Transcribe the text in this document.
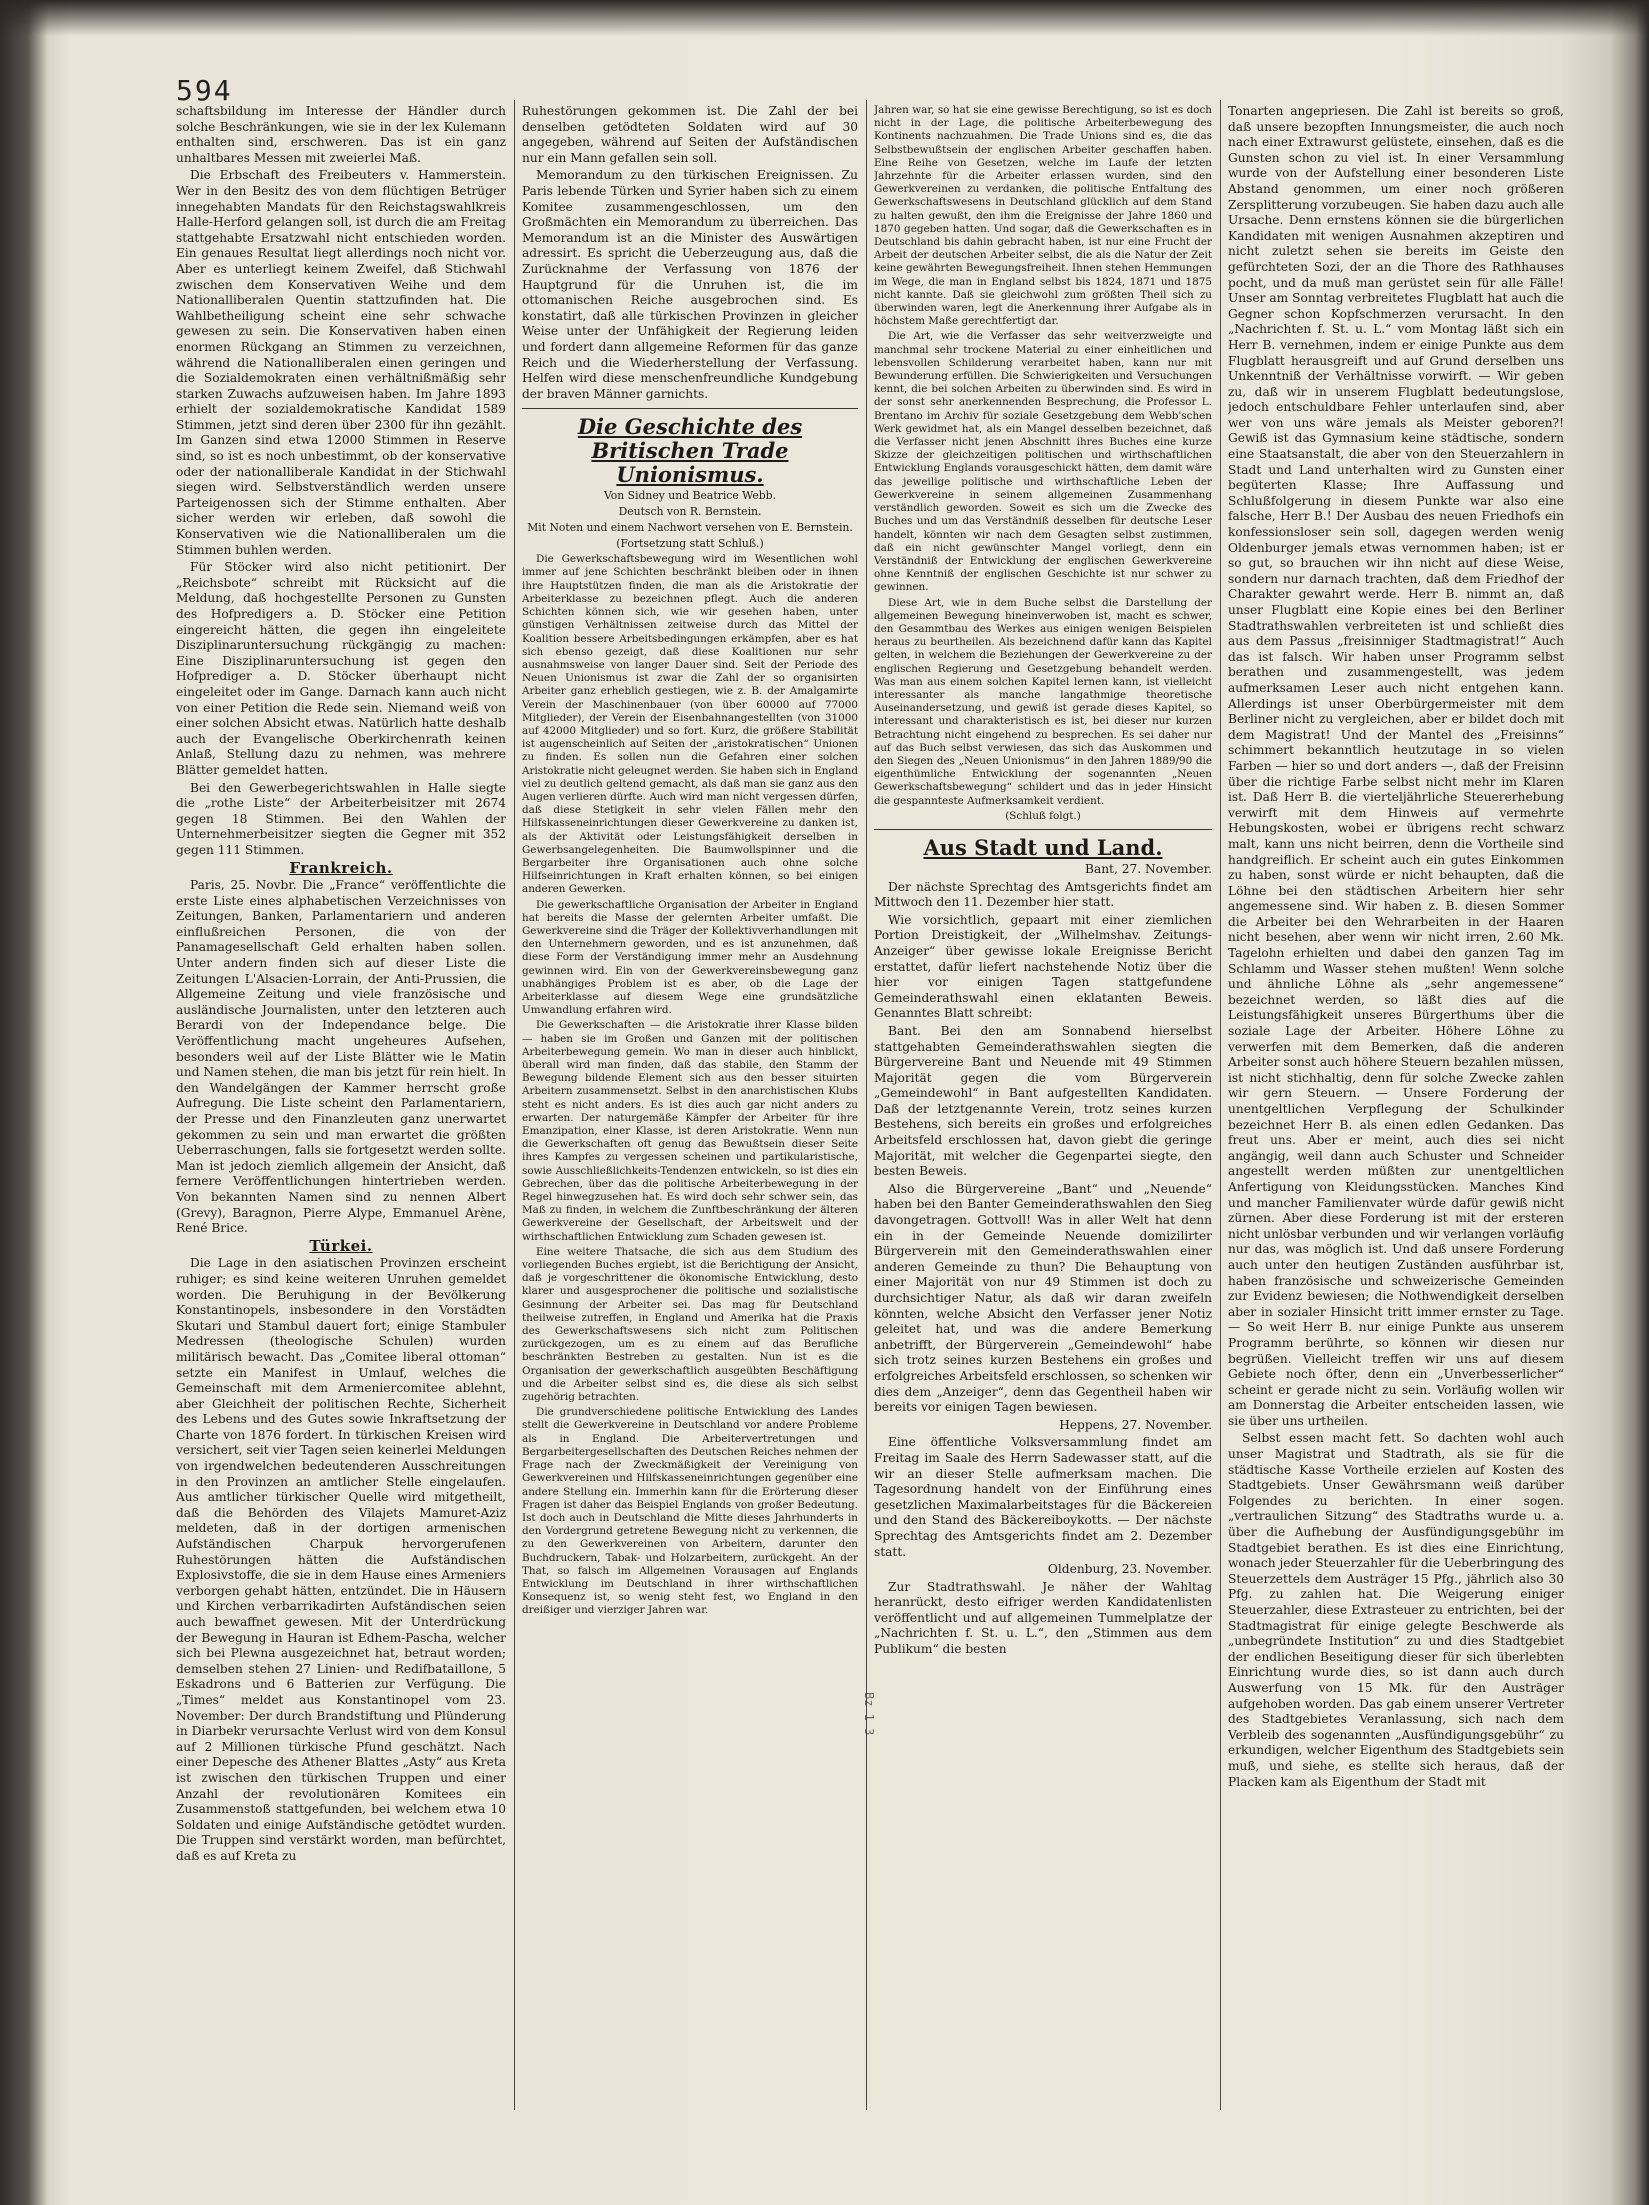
594

schaftsbildung im Interesse der Händler durch solche Beschränkungen, wie sie in der lex Kulemann enthalten sind, erschweren. Das ist ein ganz unhaltbares Messen mit zweierlei Maß.

Die Erbschaft des Freibeuters v. Hammerstein. Wer in den Besitz des von dem flüchtigen Betrüger innegehabten Mandats für den Reichstagswahlkreis Halle-Herford gelangen soll, ist durch die am Freitag stattgehabte Ersatzwahl nicht entschieden worden. Ein genaues Resultat liegt allerdings noch nicht vor. Aber es unterliegt keinem Zweifel, daß Stichwahl zwischen dem Konservativen Weihe und dem Nationalliberalen Quentin stattzufinden hat. Die Wahlbetheiligung scheint eine sehr schwache gewesen zu sein. Die Konservativen haben einen enormen Rückgang an Stimmen zu verzeichnen, während die Nationalliberalen einen geringen und die Sozialdemokraten einen verhältnißmäßig sehr starken Zuwachs aufzuweisen haben. Im Jahre 1893 erhielt der sozialdemokratische Kandidat 1589 Stimmen, jetzt sind deren über 2300 für ihn gezählt. Im Ganzen sind etwa 12000 Stimmen in Reserve sind, so ist es noch unbestimmt, ob der konservative oder der nationalliberale Kandidat in der Stichwahl siegen wird. Selbstverständlich werden unsere Parteigenossen sich der Stimme enthalten. Aber sicher werden wir erleben, daß sowohl die Konservativen wie die Nationalliberalen um die Stimmen buhlen werden.

Für Stöcker wird also nicht petitionirt. Der „Reichsbote“ schreibt mit Rücksicht auf die Meldung, daß hochgestellte Personen zu Gunsten des Hofpredigers a. D. Stöcker eine Petition eingereicht hätten, die gegen ihn eingeleitete Disziplinaruntersuchung rückgängig zu machen: Eine Disziplinaruntersuchung ist gegen den Hofprediger a. D. Stöcker überhaupt nicht eingeleitet oder im Gange. Darnach kann auch nicht von einer Petition die Rede sein. Niemand weiß von einer solchen Absicht etwas. Natürlich hatte deshalb auch der Evangelische Oberkirchenrath keinen Anlaß, Stellung dazu zu nehmen, was mehrere Blätter gemeldet hatten.

Bei den Gewerbegerichtswahlen in Halle siegte die „rothe Liste“ der Arbeiterbeisitzer mit 2674 gegen 18 Stimmen. Bei den Wahlen der Unternehmerbeisitzer siegten die Gegner mit 352 gegen 111 Stimmen.

Frankreich.

Paris, 25. Novbr. Die „France“ veröffentlichte die erste Liste eines alphabetischen Verzeichnisses von Zeitungen, Banken, Parlamentariern und anderen einflußreichen Personen, die von der Panamagesellschaft Geld erhalten haben sollen. Unter andern finden sich auf dieser Liste die Zeitungen L'Alsacien-Lorrain, der Anti-Prussien, die Allgemeine Zeitung und viele französische und ausländische Journalisten, unter den letzteren auch Berardi von der Independance belge. Die Veröffentlichung macht ungeheures Aufsehen, besonders weil auf der Liste Blätter wie le Matin und Namen stehen, die man bis jetzt für rein hielt. In den Wandelgängen der Kammer herrscht große Aufregung. Die Liste scheint den Parlamentariern, der Presse und den Finanzleuten ganz unerwartet gekommen zu sein und man erwartet die größten Ueberraschungen, falls sie fortgesetzt werden sollte. Man ist jedoch ziemlich allgemein der Ansicht, daß fernere Veröffentlichungen hintertrieben werden. Von bekannten Namen sind zu nennen Albert (Grevy), Baragnon, Pierre Alype, Emmanuel Arène, René Brice.

Türkei.

Die Lage in den asiatischen Provinzen erscheint ruhiger; es sind keine weiteren Unruhen gemeldet worden. Die Beruhigung in der Bevölkerung Konstantinopels, insbesondere in den Vorstädten Skutari und Stambul dauert fort; einige Stambuler Medressen (theologische Schulen) wurden militärisch bewacht. Das „Comitee liberal ottoman“ setzte ein Manifest in Umlauf, welches die Gemeinschaft mit dem Armeniercomitee ablehnt, aber Gleichheit der politischen Rechte, Sicherheit des Lebens und des Gutes sowie Inkraftsetzung der Charte von 1876 fordert. In türkischen Kreisen wird versichert, seit vier Tagen seien keinerlei Meldungen von irgendwelchen bedeutenderen Ausschreitungen in den Provinzen an amtlicher Stelle eingelaufen. Aus amtlicher türkischer Quelle wird mitgetheilt, daß die Behörden des Vilajets Mamuret-Aziz meldeten, daß in der dortigen armenischen Aufständischen Charpuk hervorgerufenen Ruhestörungen hätten die Aufständischen Explosivstoffe, die sie in dem Hause eines Armeniers verborgen gehabt hätten, entzündet. Die in Häusern und Kirchen verbarrikadirten Aufständischen seien auch bewaffnet gewesen. Mit der Unterdrückung der Bewegung in Hauran ist Edhem-Pascha, welcher sich bei Plewna ausgezeichnet hat, betraut worden; demselben stehen 27 Linien- und Redifbataillone, 5 Eskadrons und 6 Batterien zur Verfügung. Die „Times“ meldet aus Konstantinopel vom 23. November: Der durch Brandstiftung und Plünderung in Diarbekr verursachte Verlust wird von dem Konsul auf 2 Millionen türkische Pfund geschätzt. Nach einer Depesche des Athener Blattes „Asty“ aus Kreta ist zwischen den türkischen Truppen und einer Anzahl der revolutionären Komitees ein Zusammenstoß stattgefunden, bei welchem etwa 10 Soldaten und einige Aufständische getödtet wurden. Die Truppen sind verstärkt worden, man befürchtet, daß es auf Kreta zu

Ruhestörungen gekommen ist. Die Zahl der bei denselben getödteten Soldaten wird auf 30 angegeben, während auf Seiten der Aufständischen nur ein Mann gefallen sein soll.

Memorandum zu den türkischen Ereignissen. Zu Paris lebende Türken und Syrier haben sich zu einem Komitee zusammengeschlossen, um den Großmächten ein Memorandum zu überreichen. Das Memorandum ist an die Minister des Auswärtigen adressirt. Es spricht die Ueberzeugung aus, daß die Zurücknahme der Verfassung von 1876 der Hauptgrund für die Unruhen ist, die im ottomanischen Reiche ausgebrochen sind. Es konstatirt, daß alle türkischen Provinzen in gleicher Weise unter der Unfähigkeit der Regierung leiden und fordert dann allgemeine Reformen für das ganze Reich und die Wiederherstellung der Verfassung. Helfen wird diese menschenfreundliche Kundgebung der braven Männer garnichts.

Die Geschichte des Britischen Trade Unionismus.

Von Sidney und Beatrice Webb.

Deutsch von R. Bernstein.

Mit Noten und einem Nachwort versehen von E. Bernstein.

(Fortsetzung statt Schluß.)

Die Gewerkschaftsbewegung wird im Wesentlichen wohl immer auf jene Schichten beschränkt bleiben oder in ihnen ihre Hauptstützen finden, die man als die Aristokratie der Arbeiterklasse zu bezeichnen pflegt. Auch die anderen Schichten können sich, wie wir gesehen haben, unter günstigen Verhältnissen zeitweise durch das Mittel der Koalition bessere Arbeitsbedingungen erkämpfen, aber es hat sich ebenso gezeigt, daß diese Koalitionen nur sehr ausnahmsweise von langer Dauer sind. Seit der Periode des Neuen Unionismus ist zwar die Zahl der so organisirten Arbeiter ganz erheblich gestiegen, wie z. B. der Amalgamirte Verein der Maschinenbauer (von über 60000 auf 77000 Mitglieder), der Verein der Eisenbahnangestellten (von 31000 auf 42000 Mitglieder) und so fort. Kurz, die größere Stabilität ist augenscheinlich auf Seiten der „aristokratischen“ Unionen zu finden. Es sollen nun die Gefahren einer solchen Aristokratie nicht geleugnet werden. Sie haben sich in England viel zu deutlich geltend gemacht, als daß man sie ganz aus den Augen verlieren dürfte. Auch wird man nicht vergessen dürfen, daß diese Stetigkeit in sehr vielen Fällen mehr den Hilfskasseneinrichtungen dieser Gewerkvereine zu danken ist, als der Aktivität oder Leistungsfähigkeit derselben in Gewerbsangelegenheiten. Die Baumwollspinner und die Bergarbeiter ihre Organisationen auch ohne solche Hilfseinrichtungen in Kraft erhalten können, so bei einigen anderen Gewerken.

Die gewerkschaftliche Organisation der Arbeiter in England hat bereits die Masse der gelernten Arbeiter umfaßt. Die Gewerkvereine sind die Träger der Kollektivverhandlungen mit den Unternehmern geworden, und es ist anzunehmen, daß diese Form der Verständigung immer mehr an Ausdehnung gewinnen wird. Ein von der Gewerkvereinsbewegung ganz unabhängiges Problem ist es aber, ob die Lage der Arbeiterklasse auf diesem Wege eine grundsätzliche Umwandlung erfahren wird.

Die Gewerkschaften — die Aristokratie ihrer Klasse bilden — haben sie im Großen und Ganzen mit der politischen Arbeiterbewegung gemein. Wo man in dieser auch hinblickt, überall wird man finden, daß das stabile, den Stamm der Bewegung bildende Element sich aus den besser situirten Arbeitern zusammensetzt. Selbst in den anarchistischen Klubs steht es nicht anders. Es ist dies auch gar nicht anders zu erwarten. Der naturgemäße Kämpfer der Arbeiter für ihre Emanzipation, einer Klasse, ist deren Aristokratie. Wenn nun die Gewerkschaften oft genug das Bewußtsein dieser Seite ihres Kampfes zu vergessen scheinen und partikularistische, sowie Ausschließlichkeits-Tendenzen entwickeln, so ist dies ein Gebrechen, über das die politische Arbeiterbewegung in der Regel hinwegzusehen hat. Es wird doch sehr schwer sein, das Maß zu finden, in welchem die Zunftbeschränkung der älteren Gewerkvereine der Gesellschaft, der Arbeitswelt und der wirthschaftlichen Entwicklung zum Schaden gewesen ist.

Eine weitere Thatsache, die sich aus dem Studium des vorliegenden Buches ergiebt, ist die Berichtigung der Ansicht, daß je vorgeschrittener die ökonomische Entwicklung, desto klarer und ausgesprochener die politische und sozialistische Gesinnung der Arbeiter sei. Das mag für Deutschland theilweise zutreffen, in England und Amerika hat die Praxis des Gewerkschaftswesens sich nicht zum Politischen zurückgezogen, um es zu einem auf das Berufliche beschränkten Bestreben zu gestalten. Nun ist es die Organisation der gewerkschaftlich ausgeübten Beschäftigung und die Arbeiter selbst sind es, die diese als sich selbst zugehörig betrachten.

Die grundverschiedene politische Entwicklung des Landes stellt die Gewerkvereine in Deutschland vor andere Probleme als in England. Die Arbeitervertretungen und Bergarbeitergesellschaften des Deutschen Reiches nehmen der Frage nach der Zweckmäßigkeit der Vereinigung von Gewerkvereinen und Hilfskasseneinrichtungen gegenüber eine andere Stellung ein. Immerhin kann für die Erörterung dieser Fragen ist daher das Beispiel Englands von großer Bedeutung. Ist doch auch in Deutschland die Mitte dieses Jahrhunderts in den Vordergrund getretene Bewegung nicht zu verkennen, die zu den Gewerkvereinen von Arbeitern, darunter den Buchdruckern, Tabak- und Holzarbeitern, zurückgeht. An der That, so falsch im Allgemeinen Vorausagen auf Englands Entwicklung im Deutschland in ihrer wirthschaftlichen Konsequenz ist, so wenig steht fest, wo England in den dreißiger und vierziger Jahren war.

Jahren war, so hat sie eine gewisse Berechtigung, so ist es doch nicht in der Lage, die politische Arbeiterbewegung des Kontinents nachzuahmen. Die Trade Unions sind es, die das Selbstbewußtsein der englischen Arbeiter geschaffen haben. Eine Reihe von Gesetzen, welche im Laufe der letzten Jahrzehnte für die Arbeiter erlassen wurden, sind den Gewerkvereinen zu verdanken, die politische Entfaltung des Gewerkschaftswesens in Deutschland glücklich auf dem Stand zu halten gewußt, den ihm die Ereignisse der Jahre 1860 und 1870 gegeben hatten. Und sogar, daß die Gewerkschaften es in Deutschland bis dahin gebracht haben, ist nur eine Frucht der Arbeit der deutschen Arbeiter selbst, die als die Natur der Zeit keine gewährten Bewegungsfreiheit. Ihnen stehen Hemmungen im Wege, die man in England selbst bis 1824, 1871 und 1875 nicht kannte. Daß sie gleichwohl zum größten Theil sich zu überwinden waren, legt die Anerkennung ihrer Aufgabe als in höchstem Maße gerechtfertigt dar.

Die Art, wie die Verfasser das sehr weitverzweigte und manchmal sehr trockene Material zu einer einheitlichen und lebensvollen Schilderung verarbeitet haben, kann nur mit Bewunderung erfüllen. Die Schwierigkeiten und Versuchungen kennt, die bei solchen Arbeiten zu überwinden sind. Es wird in der sonst sehr anerkennenden Besprechung, die Professor L. Brentano im Archiv für soziale Gesetzgebung dem Webb'schen Werk gewidmet hat, als ein Mangel desselben bezeichnet, daß die Verfasser nicht jenen Abschnitt ihres Buches eine kurze Skizze der gleichzeitigen politischen und wirthschaftlichen Entwicklung Englands vorausgeschickt hätten, dem damit wäre das jeweilige politische und wirthschaftliche Leben der Gewerkvereine in seinem allgemeinen Zusammenhang verständlich geworden. Soweit es sich um die Zwecke des Buches und um das Verständniß desselben für deutsche Leser handelt, könnten wir nach dem Gesagten selbst zustimmen, daß ein nicht gewünschter Mangel vorliegt, denn ein Verständniß der Entwicklung der englischen Gewerkvereine ohne Kenntniß der englischen Geschichte ist nur schwer zu gewinnen.

Diese Art, wie in dem Buche selbst die Darstellung der allgemeinen Bewegung hineinverwoben ist, macht es schwer, den Gesammtbau des Werkes aus einigen wenigen Beispielen heraus zu beurtheilen. Als bezeichnend dafür kann das Kapitel gelten, in welchem die Beziehungen der Gewerkvereine zu der englischen Regierung und Gesetzgebung behandelt werden. Was man aus einem solchen Kapitel lernen kann, ist vielleicht interessanter als manche langathmige theoretische Auseinandersetzung, und gewiß ist gerade dieses Kapitel, so interessant und charakteristisch es ist, bei dieser nur kurzen Betrachtung nicht eingehend zu besprechen. Es sei daher nur auf das Buch selbst verwiesen, das sich das Auskommen und den Siegen des „Neuen Unionismus“ in den Jahren 1889/90 die eigenthümliche Entwicklung der sogenannten „Neuen Gewerkschaftsbewegung“ schildert und das in jeder Hinsicht die gespannteste Aufmerksamkeit verdient.

(Schluß folgt.)

Aus Stadt und Land.

Bant, 27. November.

Der nächste Sprechtag des Amtsgerichts findet am Mittwoch den 11. Dezember hier statt.

Wie vorsichtlich, gepaart mit einer ziemlichen Portion Dreistigkeit, der „Wilhelmshav. Zeitungs-Anzeiger“ über gewisse lokale Ereignisse Bericht erstattet, dafür liefert nachstehende Notiz über die hier vor einigen Tagen stattgefundene Gemeinderathswahl einen eklatanten Beweis. Genanntes Blatt schreibt:

Bant. Bei den am Sonnabend hierselbst stattgehabten Gemeinderathswahlen siegten die Bürgervereine Bant und Neuende mit 49 Stimmen Majorität gegen die vom Bürgerverein „Gemeindewohl“ in Bant aufgestellten Kandidaten. Daß der letztgenannte Verein, trotz seines kurzen Bestehens, sich bereits ein großes und erfolgreiches Arbeitsfeld erschlossen hat, davon giebt die geringe Majorität, mit welcher die Gegenpartei siegte, den besten Beweis.

Also die Bürgervereine „Bant“ und „Neuende“ haben bei den Banter Gemeinderathswahlen den Sieg davongetragen. Gottvoll! Was in aller Welt hat denn ein in der Gemeinde Neuende domizilirter Bürgerverein mit den Gemeinderathswahlen einer anderen Gemeinde zu thun? Die Behauptung von einer Majorität von nur 49 Stimmen ist doch zu durchsichtiger Natur, als daß wir daran zweifeln könnten, welche Absicht den Verfasser jener Notiz geleitet hat, und was die andere Bemerkung anbetrifft, der Bürgerverein „Gemeindewohl“ habe sich trotz seines kurzen Bestehens ein großes und erfolgreiches Arbeitsfeld erschlossen, so schenken wir dies dem „Anzeiger“, denn das Gegentheil haben wir bereits vor einigen Tagen bewiesen.

Heppens, 27. November.

Eine öffentliche Volksversammlung findet am Freitag im Saale des Herrn Sadewasser statt, auf die wir an dieser Stelle aufmerksam machen. Die Tagesordnung handelt von der Einführung eines gesetzlichen Maximalarbeitstages für die Bäckereien und den Stand des Bäckereiboykotts. — Der nächste Sprechtag des Amtsgerichts findet am 2. Dezember statt.

Oldenburg, 23. November.

Zur Stadtrathswahl. Je näher der Wahltag heranrückt, desto eifriger werden Kandidatenlisten veröffentlicht und auf allgemeinen Tummelplatze der „Nachrichten f. St. u. L.“, den „Stimmen aus dem Publikum“ die besten

Tonarten angepriesen. Die Zahl ist bereits so groß, daß unsere bezopften Innungsmeister, die auch noch nach einer Extrawurst gelüstete, einsehen, daß es die Gunsten schon zu viel ist. In einer Versammlung wurde von der Aufstellung einer besonderen Liste Abstand genommen, um einer noch größeren Zersplitterung vorzubeugen. Sie haben dazu auch alle Ursache. Denn ernstens können sie die bürgerlichen Kandidaten mit wenigen Ausnahmen akzeptiren und nicht zuletzt sehen sie bereits im Geiste den gefürchteten Sozi, der an die Thore des Rathhauses pocht, und da muß man gerüstet sein für alle Fälle! Unser am Sonntag verbreitetes Flugblatt hat auch die Gegner schon Kopfschmerzen verursacht. In den „Nachrichten f. St. u. L.“ vom Montag läßt sich ein Herr B. vernehmen, indem er einige Punkte aus dem Flugblatt herausgreift und auf Grund derselben uns Unkenntniß der Verhältnisse vorwirft. — Wir geben zu, daß wir in unserem Flugblatt bedeutungslose, jedoch entschuldbare Fehler unterlaufen sind, aber wer von uns wäre jemals als Meister geboren?! Gewiß ist das Gymnasium keine städtische, sondern eine Staatsanstalt, die aber von den Steuerzahlern in Stadt und Land unterhalten wird zu Gunsten einer begüterten Klasse; Ihre Auffassung und Schlußfolgerung in diesem Punkte war also eine falsche, Herr B.! Der Ausbau des neuen Friedhofs ein konfessionsloser sein soll, dagegen werden wenig Oldenburger jemals etwas vernommen haben; ist er so gut, so brauchen wir ihn nicht auf diese Weise, sondern nur darnach trachten, daß dem Friedhof der Charakter gewahrt werde. Herr B. nimmt an, daß unser Flugblatt eine Kopie eines bei den Berliner Stadtrathswahlen verbreiteten ist und schließt dies aus dem Passus „freisinniger Stadtmagistrat!“ Auch das ist falsch. Wir haben unser Programm selbst berathen und zusammengestellt, was jedem aufmerksamen Leser auch nicht entgehen kann. Allerdings ist unser Oberbürgermeister mit dem Berliner nicht zu vergleichen, aber er bildet doch mit dem Magistrat! Und der Mantel des „Freisinns“ schimmert bekanntlich heutzutage in so vielen Farben — hier so und dort anders —, daß der Freisinn über die richtige Farbe selbst nicht mehr im Klaren ist. Daß Herr B. die vierteljährliche Steuererhebung verwirft mit dem Hinweis auf vermehrte Hebungskosten, wobei er übrigens recht schwarz malt, kann uns nicht beirren, denn die Vortheile sind handgreiflich. Er scheint auch ein gutes Einkommen zu haben, sonst würde er nicht behaupten, daß die Löhne bei den städtischen Arbeitern hier sehr angemessene sind. Wir haben z. B. diesen Sommer die Arbeiter bei den Wehrarbeiten in der Haaren nicht besehen, aber wenn wir nicht irren, 2.60 Mk. Tagelohn erhielten und dabei den ganzen Tag im Schlamm und Wasser stehen mußten! Wenn solche und ähnliche Löhne als „sehr angemessene“ bezeichnet werden, so läßt dies auf die Leistungsfähigkeit unseres Bürgerthums über die soziale Lage der Arbeiter. Höhere Löhne zu verwerfen mit dem Bemerken, daß die anderen Arbeiter sonst auch höhere Steuern bezahlen müssen, ist nicht stichhaltig, denn für solche Zwecke zahlen wir gern Steuern. — Unsere Forderung der unentgeltlichen Verpflegung der Schulkinder bezeichnet Herr B. als einen edlen Gedanken. Das freut uns. Aber er meint, auch dies sei nicht angängig, weil dann auch Schuster und Schneider angestellt werden müßten zur unentgeltlichen Anfertigung von Kleidungsstücken. Manches Kind und mancher Familienvater würde dafür gewiß nicht zürnen. Aber diese Forderung ist mit der ersteren nicht unlösbar verbunden und wir verlangen vorläufig nur das, was möglich ist. Und daß unsere Forderung auch unter den heutigen Zuständen ausführbar ist, haben französische und schweizerische Gemeinden zur Evidenz bewiesen; die Nothwendigkeit derselben aber in sozialer Hinsicht tritt immer ernster zu Tage. — So weit Herr B. nur einige Punkte aus unserem Programm berührte, so können wir diesen nur begrüßen. Vielleicht treffen wir uns auf diesem Gebiete noch öfter, denn ein „Unverbesserlicher“ scheint er gerade nicht zu sein. Vorläufig wollen wir am Donnerstag die Arbeiter entscheiden lassen, wie sie über uns urtheilen.

Selbst essen macht fett. So dachten wohl auch unser Magistrat und Stadtrath, als sie für die städtische Kasse Vortheile erzielen auf Kosten des Stadtgebiets. Unser Gewährsmann weiß darüber Folgendes zu berichten. In einer sogen. „vertraulichen Sitzung“ des Stadtraths wurde u. a. über die Aufhebung der Ausfündigungsgebühr im Stadtgebiet berathen. Es ist dies eine Einrichtung, wonach jeder Steuerzahler für die Ueberbringung des Steuerzettels dem Austräger 15 Pfg., jährlich also 30 Pfg. zu zahlen hat. Die Weigerung einiger Steuerzahler, diese Extrasteuer zu entrichten, bei der Stadtmagistrat für einige gelegte Beschwerde als „unbegründete Institution“ zu und dies Stadtgebiet der endlichen Beseitigung dieser für sich überlebten Einrichtung wurde dies, so ist dann auch durch Auswerfung von 15 Mk. für den Austräger aufgehoben worden. Das gab einem unserer Vertreter des Stadtgebietes Veranlassung, sich nach dem Verbleib des sogenannten „Ausfündigungsgebühr“ zu erkundigen, welcher Eigenthum des Stadtgebiets sein muß, und siehe, es stellte sich heraus, daß der Placken kam als Eigenthum der Stadt mit

Bz 1 3
